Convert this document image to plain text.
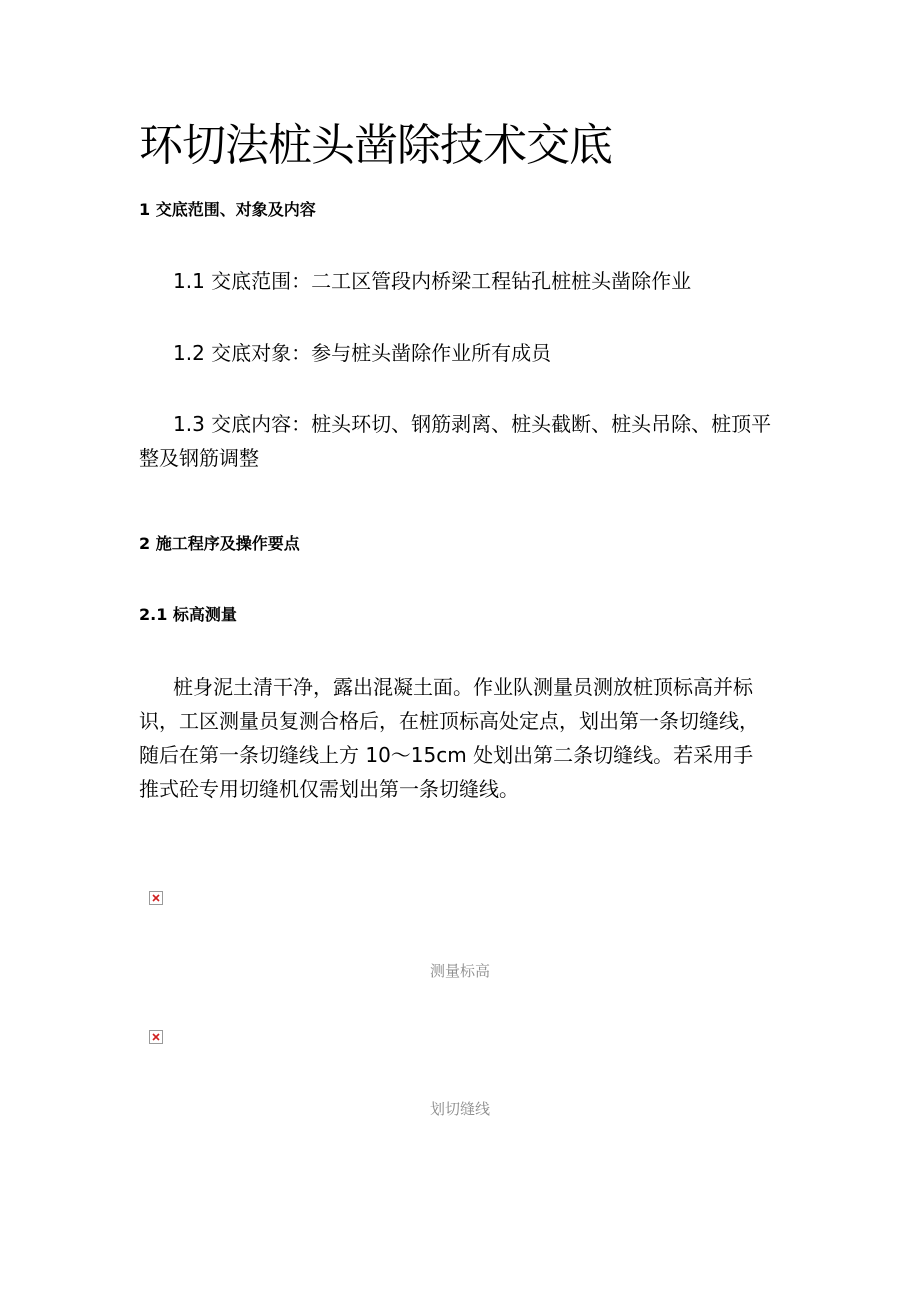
环切法桩头凿除技术交底
1 交底范围、对象及内容
1.1 交底范围：二工区管段内桥梁工程钻孔桩桩头凿除作业
1.2 交底对象：参与桩头凿除作业所有成员
1.3 交底内容：桩头环切、钢筋剥离、桩头截断、桩头吊除、桩顶平
整及钢筋调整
2 施工程序及操作要点
2.1 标高测量
桩身泥土清干净，露出混凝土面。作业队测量员测放桩顶标高并标
识，工区测量员复测合格后，在桩顶标高处定点，划出第一条切缝线，
随后在第一条切缝线上方 10～15cm 处划出第二条切缝线。若采用手
推式砼专用切缝机仅需划出第一条切缝线。
测量标高
划切缝线
